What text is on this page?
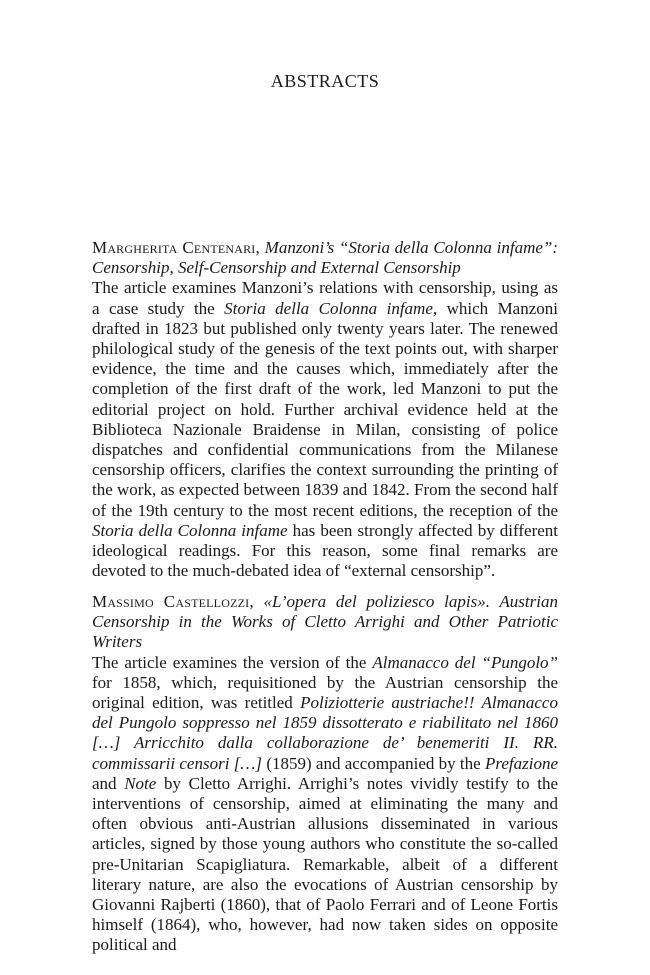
ABSTRACTS
Margherita Centenari, Manzoni’s “Storia della Colonna infame”: Censorship, Self-Censorship and External Censorship
The article examines Manzoni’s relations with censorship, using as a case study the Storia della Colonna infame, which Manzoni drafted in 1823 but published only twenty years later. The renewed philological study of the genesis of the text points out, with sharper evidence, the time and the causes which, immediately after the completion of the first draft of the work, led Manzoni to put the editorial project on hold. Further archival evidence held at the Biblioteca Nazionale Braidense in Milan, consisting of police dispatches and confidential communications from the Milanese censorship officers, clarifies the context surrounding the printing of the work, as expected between 1839 and 1842. From the second half of the 19th century to the most recent editions, the reception of the Storia della Colonna infame has been strongly affected by different ideological readings. For this reason, some final remarks are devoted to the much-debated idea of “external censorship”.
Massimo Castellozzi, «L’opera del poliziesco lapis». Austrian Censorship in the Works of Cletto Arrighi and Other Patriotic Writers
The article examines the version of the Almanacco del “Pungolo” for 1858, which, requisitioned by the Austrian censorship the original edition, was retitled Poliziotterie austriache!! Almanacco del Pungolo soppresso nel 1859 dissotterato e riabilitato nel 1860 […] Arricchito dalla collaborazione de’ benemeriti II. RR. commissarii censori […] (1859) and accompanied by the Prefazione and Note by Cletto Arrighi. Arrighi’s notes vividly testify to the interventions of censorship, aimed at eliminating the many and often obvious anti-Austrian allusions disseminated in various articles, signed by those young authors who constitute the so-called pre-Unitarian Scapigliatura. Remarkable, albeit of a different literary nature, are also the evocations of Austrian censorship by Giovanni Rajberti (1860), that of Paolo Ferrari and of Leone Fortis himself (1864), who, however, had now taken sides on opposite political and
